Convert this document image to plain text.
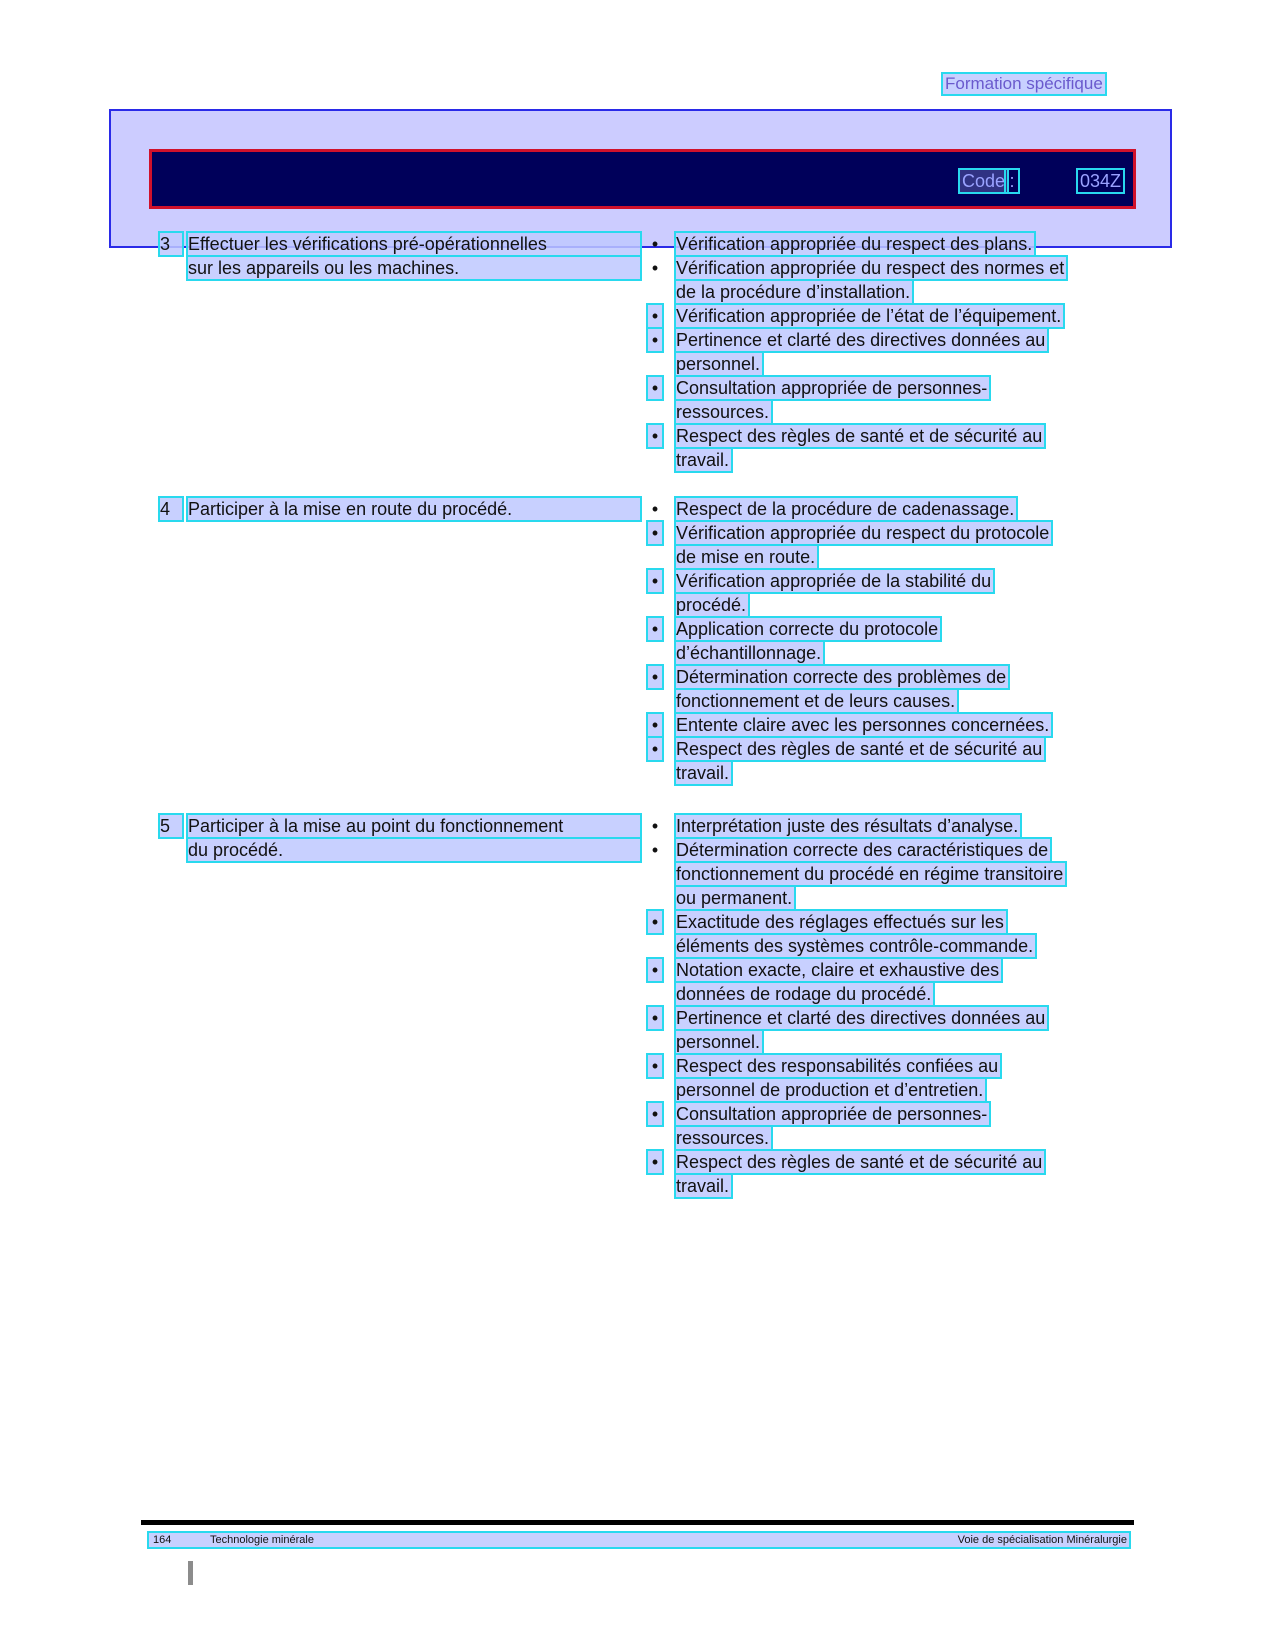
Formation spécifique
Code :	034Z
3 Effectuer les vérifications pré-opérationnelles
sur les appareils ou les machines.
• Vérification appropriée du respect des plans.
• Vérification appropriée du respect des normes et
de la procédure d’installation.
• Vérification appropriée de l’état de l’équipement.
• Pertinence et clarté des directives données au
personnel.
• Consultation appropriée de personnes-
ressources.
• Respect des règles de santé et de sécurité au
travail.
4 Participer à la mise en route du procédé.	• Respect de la procédure de cadenassage.
• Vérification appropriée du respect du protocole
de mise en route.
• Vérification appropriée de la stabilité du
procédé.
• Application correcte du protocole
d’échantillonnage.
• Détermination correcte des problèmes de
fonctionnement et de leurs causes.
• Entente claire avec les personnes concernées.
• Respect des règles de santé et de sécurité au
travail.
5 Participer à la mise au point du fonctionnement
du procédé.
• Interprétation juste des résultats d’analyse.
• Détermination correcte des caractéristiques de
fonctionnement du procédé en régime transitoire
ou permanent.
• Exactitude des réglages effectués sur les
éléments des systèmes contrôle-commande.
• Notation exacte, claire et exhaustive des
données de rodage du procédé.
• Pertinence et clarté des directives données au
personnel.
• Respect des responsabilités confiées au
personnel de production et d’entretien.
• Consultation appropriée de personnes-
ressources.
• Respect des règles de santé et de sécurité au
travail.
164	Technologie minérale	Voie de spécialisation Minéralurgie
